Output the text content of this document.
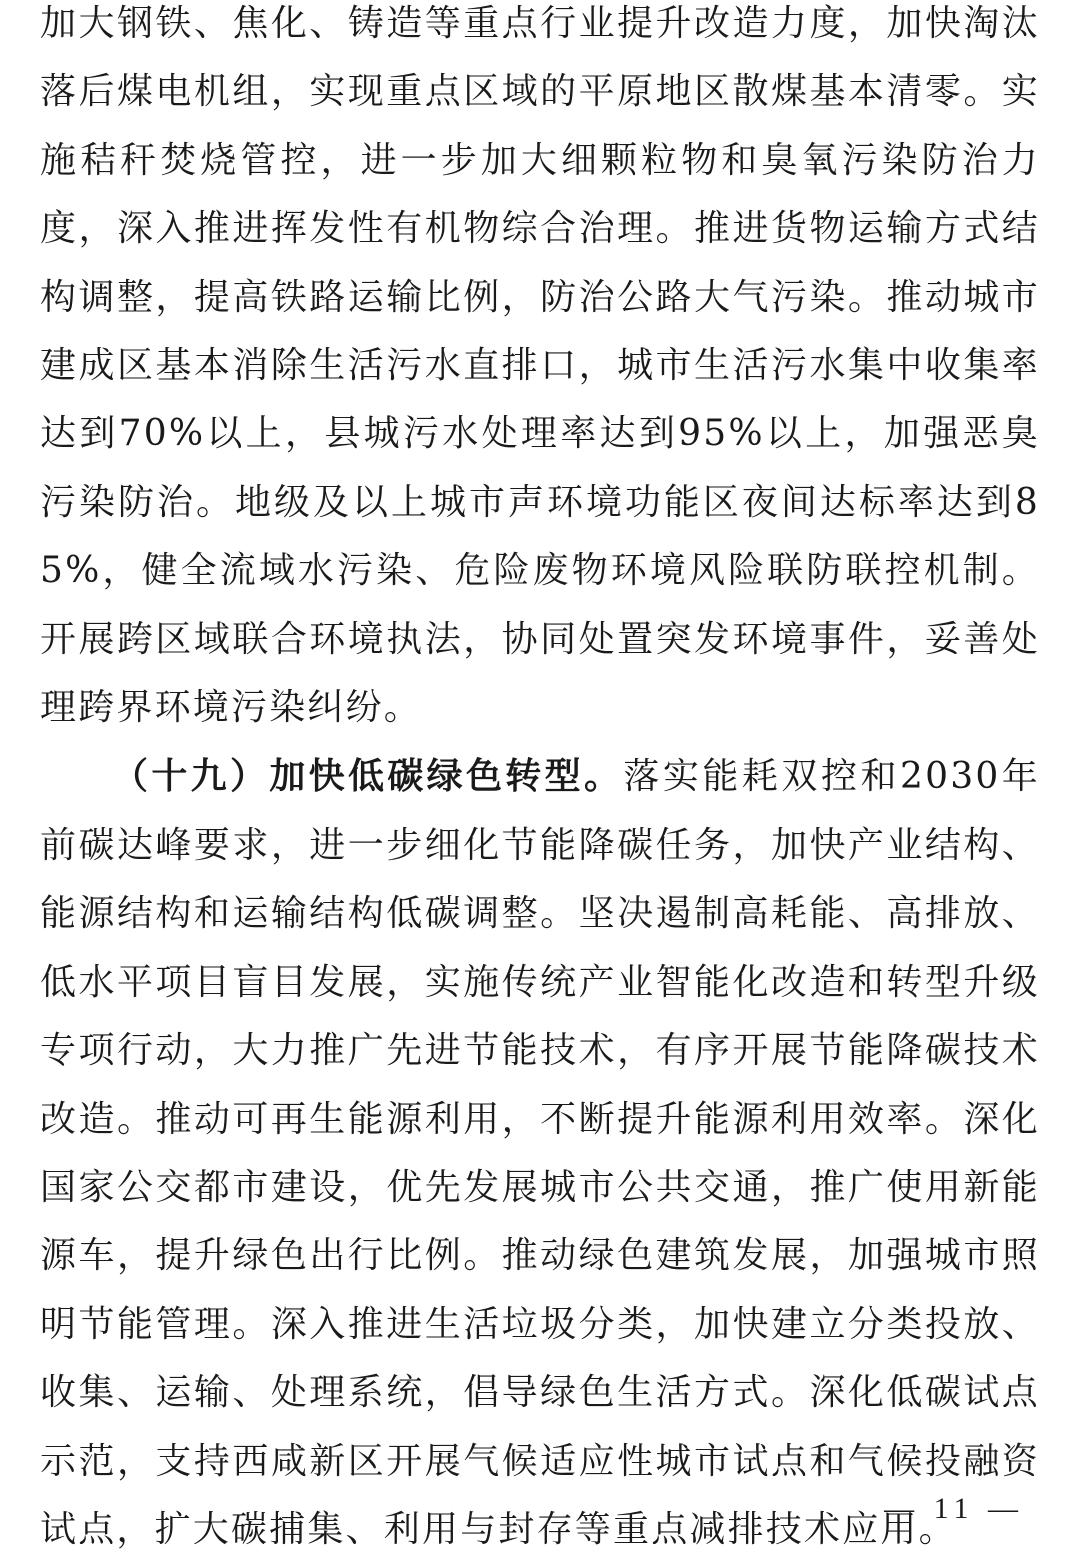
加大钢铁、焦化、铸造等重点行业提升改造力度，加快淘汰落后煤电机组，实现重点区域的平原地区散煤基本清零。实施秸秆焚烧管控，进一步加大细颗粒物和臭氧污染防治力度，深入推进挥发性有机物综合治理。推进货物运输方式结构调整，提高铁路运输比例，防治公路大气污染。推动城市建成区基本消除生活污水直排口，城市生活污水集中收集率达到70%以上，县城污水处理率达到95%以上，加强恶臭污染防治。地级及以上城市声环境功能区夜间达标率达到85%，健全流域水污染、危险废物环境风险联防联控机制。开展跨区域联合环境执法，协同处置突发环境事件，妥善处理跨界环境污染纠纷。

（十九）加快低碳绿色转型。落实能耗双控和2030年前碳达峰要求，进一步细化节能降碳任务，加快产业结构、能源结构和运输结构低碳调整。坚决遏制高耗能、高排放、低水平项目盲目发展，实施传统产业智能化改造和转型升级专项行动，大力推广先进节能技术，有序开展节能降碳技术改造。推动可再生能源利用，不断提升能源利用效率。深化国家公交都市建设，优先发展城市公共交通，推广使用新能源车，提升绿色出行比例。推动绿色建筑发展，加强城市照明节能管理。深入推进生活垃圾分类，加快建立分类投放、收集、运输、处理系统，倡导绿色生活方式。深化低碳试点示范，支持西咸新区开展气候适应性城市试点和气候投融资试点，扩大碳捕集、利用与封存等重点减排技术应用。

— 11 —
